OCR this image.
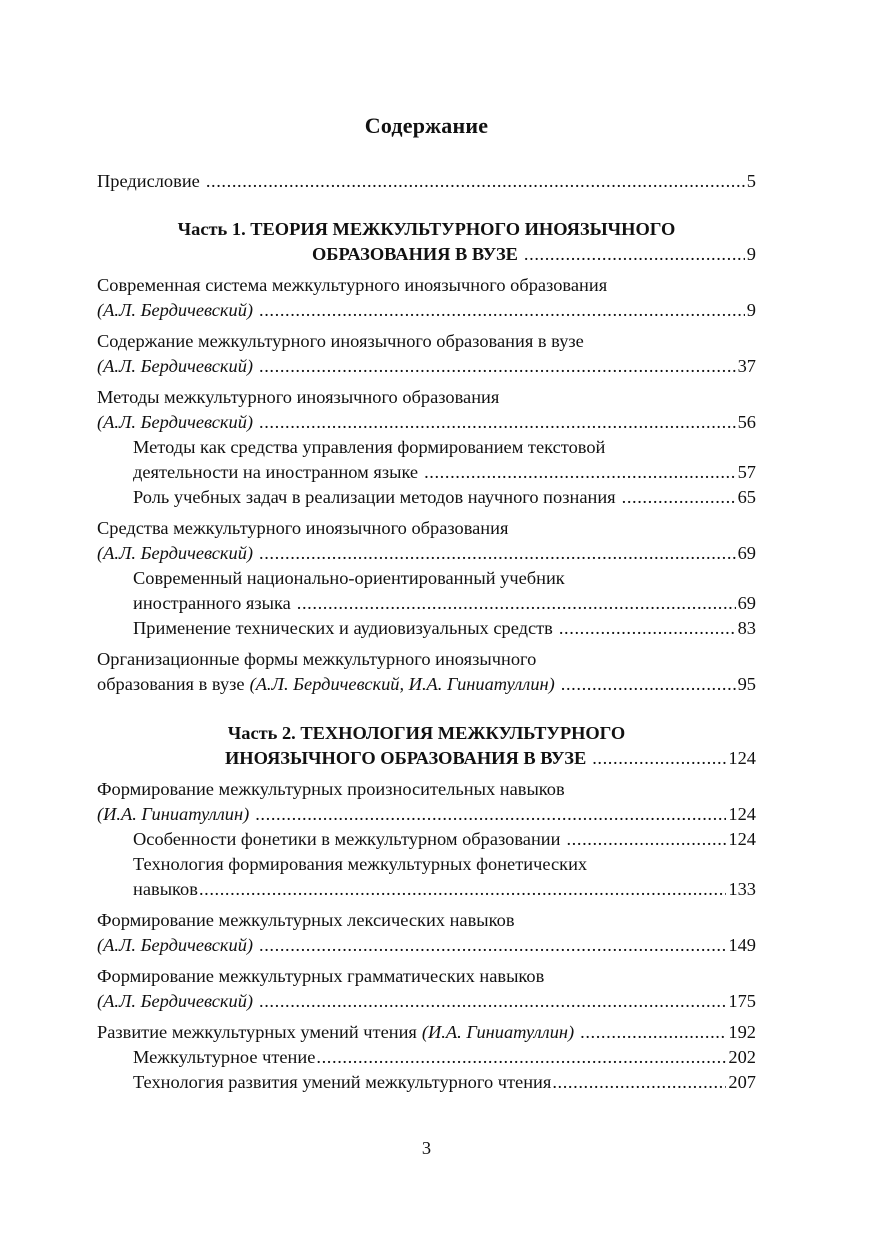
Содержание
Предисловие .....	5
Часть 1. ТЕОРИЯ МЕЖКУЛЬТУРНОГО ИНОЯЗЫЧНОГО
ОБРАЗОВАНИЯ В ВУЗЕ .....	9
Современная система межкультурного иноязычного образования
(А.Л. Бердичевский) .....	9
Содержание межкультурного иноязычного образования в вузе
(А.Л. Бердичевский) .....	37
Методы межкультурного иноязычного образования
(А.Л. Бердичевский) .....	56
Методы как средства управления формированием текстовой
деятельности на иностранном языке .....	57
Роль учебных задач в реализации методов научного познания .....	65
Средства межкультурного иноязычного образования
(А.Л. Бердичевский) .....	69
Современный национально-ориентированный учебник
иностранного языка .....	69
Применение технических и аудиовизуальных средств .....	83
Организационные формы межкультурного иноязычного
образования в вузе (А.Л. Бердичевский, И.А. Гиниатуллин) .....	95
Часть 2. ТЕХНОЛОГИЯ МЕЖКУЛЬТУРНОГО
ИНОЯЗЫЧНОГО ОБРАЗОВАНИЯ В ВУЗЕ .....	124
Формирование межкультурных произносительных навыков
(И.А. Гиниатуллин) .....	124
Особенности фонетики в межкультурном образовании .....	124
Технология формирования межкультурных фонетических
навыков .....	133
Формирование межкультурных лексических навыков
(А.Л. Бердичевский) .....	149
Формирование межкультурных грамматических навыков
(А.Л. Бердичевский) .....	175
Развитие межкультурных умений чтения (И.А. Гиниатуллин) .....	192
Межкультурное чтение .....	202
Технология развития умений межкультурного чтения .....	207
3
